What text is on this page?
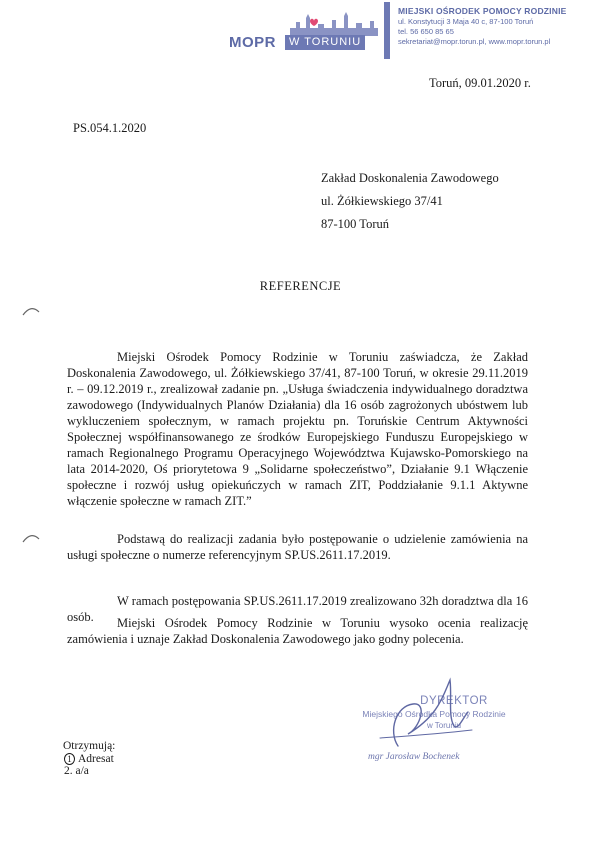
MOPR	W TORUNIU
MIEJSKI OŚRODEK POMOCY RODZINIE
ul. Konstytucji 3 Maja 40 c, 87-100 Toruń
tel. 56 650 85 65
sekretariat@mopr.torun.pl, www.mopr.torun.pl
Toruń, 09.01.2020 r.
PS.054.1.2020
Zakład Doskonalenia Zawodowego
ul. Żółkiewskiego 37/41
87-100 Toruń
REFERENCJE
Miejski Ośrodek Pomocy Rodzinie w Toruniu zaświadcza, że Zakład Doskonalenia Zawodowego, ul. Żółkiewskiego 37/41, 87-100 Toruń, w okresie 29.11.2019 r. – 09.12.2019 r., zrealizował zadanie pn. „Usługa świadczenia indywidualnego doradztwa zawodowego (Indywidualnych Planów Działania) dla 16 osób zagrożonych ubóstwem lub wykluczeniem społecznym, w ramach projektu pn. Toruńskie Centrum Aktywności Społecznej współfinansowanego ze środków Europejskiego Funduszu Europejskiego w ramach Regionalnego Programu Operacyjnego Województwa Kujawsko-Pomorskiego na lata 2014-2020, Oś priorytetowa 9 „Solidarne społeczeństwo”, Działanie 9.1 Włączenie społeczne i rozwój usług opiekuńczych w ramach ZIT, Poddziałanie 9.1.1 Aktywne włączenie społeczne w ramach ZIT.”
Podstawą do realizacji zadania było postępowanie o udzielenie zamówienia na usługi społeczne o numerze referencyjnym SP.US.2611.17.2019.
W ramach postępowania SP.US.2611.17.2019 zrealizowano 32h doradztwa dla 16 osób.	Miejski Ośrodek Pomocy Rodzinie w Toruniu wysoko ocenia realizację zamówienia i uznaje Zakład Doskonalenia Zawodowego jako godny polecenia.
DYREKTOR
Miejskiego Ośrodka Pomocy Rodzinie
w Toruniu
mgr Jarosław Bochenek
Otrzymują:
1 Adresat
2. a/a
